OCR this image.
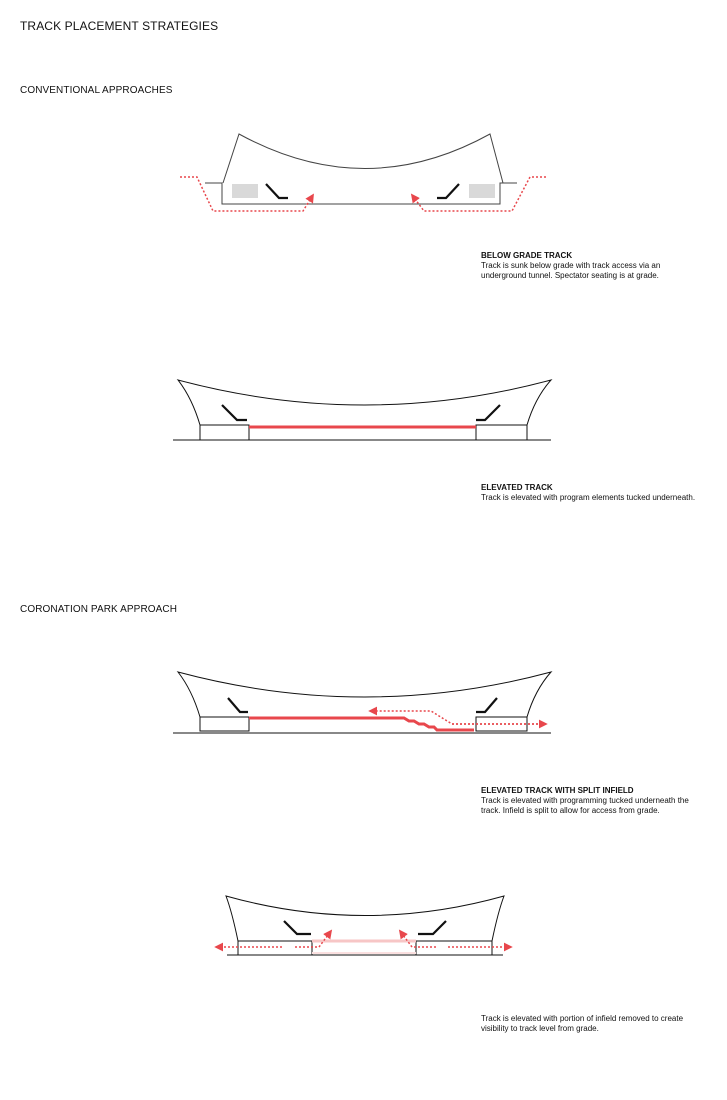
TRACK PLACEMENT STRATEGIES
CONVENTIONAL APPROACHES
CORONATION PARK APPROACH
BELOW GRADE TRACK
Track is sunk below grade with track access via an underground tunnel. Spectator seating is at grade.
ELEVATED TRACK
Track is elevated with program elements tucked underneath.
ELEVATED TRACK WITH SPLIT INFIELD
Track is elevated with programming tucked underneath the track. Infield is split to allow for access from grade.
Track is elevated with portion of infield removed to create visibility to track level from grade.
